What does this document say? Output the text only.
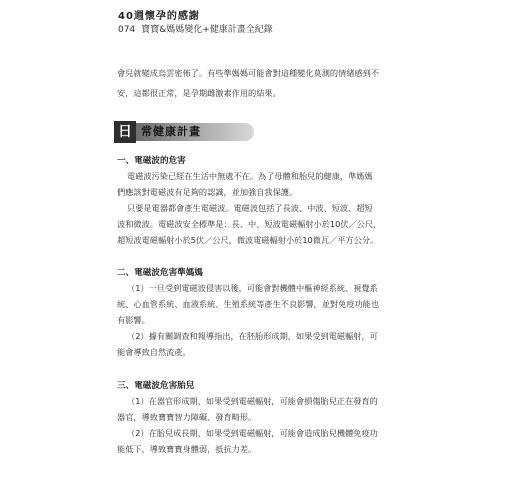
40週懷孕的感謝
074 寶寶&媽媽變化+健康計畫全紀錄
會兒就變成烏雲密佈了。有些準媽媽可能會對這種變化莫測的情緒感到不
安，這都很正常，是孕期雌激素作用的結果。
日 常健康計畫
一、電磁波的危害
電磁波污染已經在生活中無處不在。為了母體和胎兒的健康，準媽媽
們應該對電磁波有足夠的認識，並加強自我保護。
只要是電器都會產生電磁波。電磁波包括了長波、中波、短波、超短
波和微波。電磁波安全標準是：長、中、短波電磁輻射小於10伏／公尺，
超短波電磁輻射小於5伏／公尺，微波電磁輻射小於10微瓦／平方公分。
二、電磁波危害準媽媽
（1）一旦受到電磁波侵害以後，可能會對機體中樞神經系統、視覺系
統、心血管系統、血液系統、生殖系統等產生不良影響，並對免疫功能也
有影響。
（2）據有關調查和報導指出，在胚胎形成期，如果受到電磁輻射，可
能會導致自然流產。
三、電磁波危害胎兒
（1）在器官形成期，如果受到電磁輻射，可能會損傷胎兒正在發育的
器官，導致寶寶智力障礙、發育畸形。
（2）在胎兒成長期，如果受到電磁輻射，可能會造成胎兒機體免疫功
能低下，導致寶寶身體弱，抵抗力差。
